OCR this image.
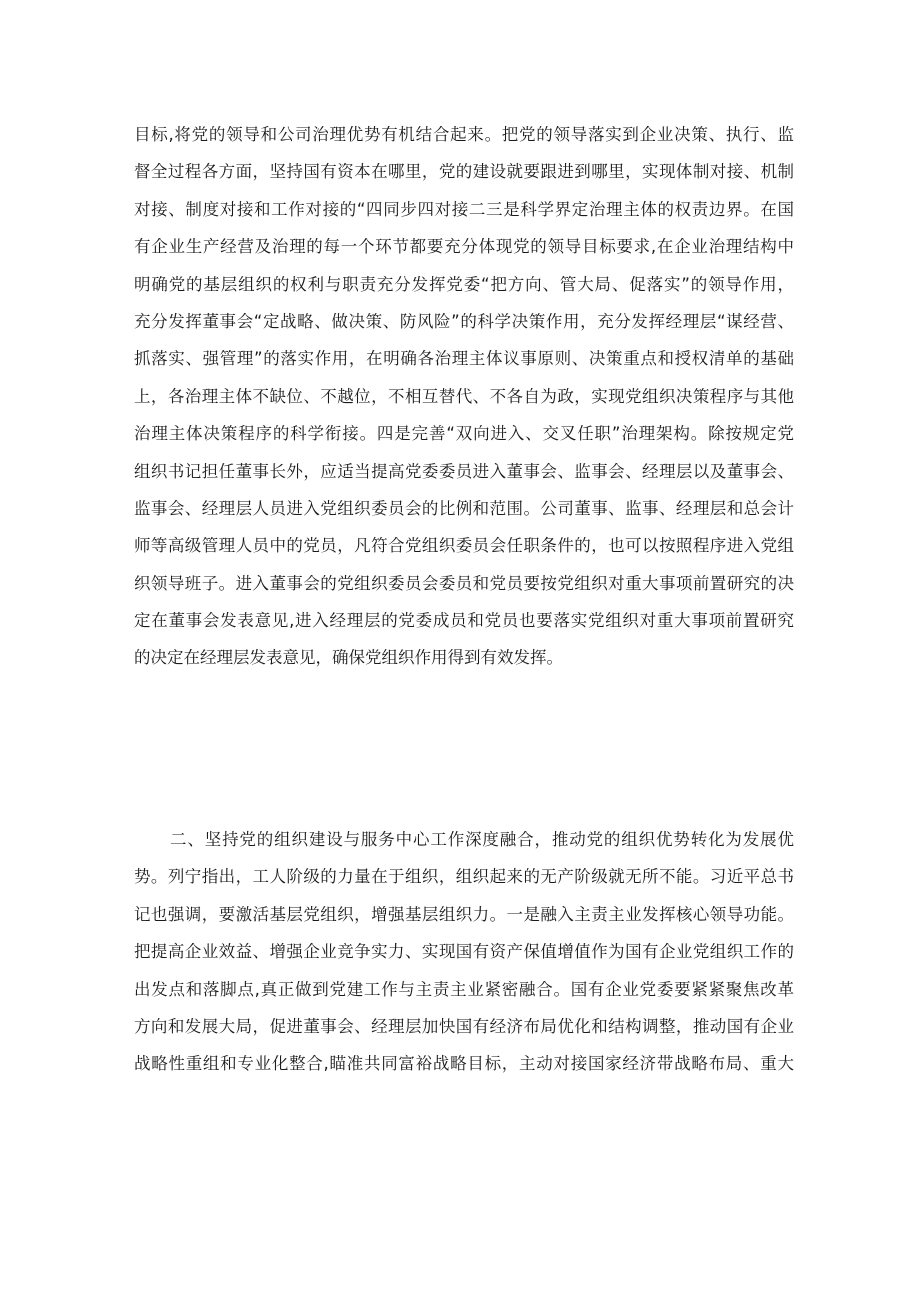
目标,将党的领导和公司治理优势有机结合起来。把党的领导落实到企业决策、执行、监
督全过程各方面，坚持国有资本在哪里，党的建设就要跟进到哪里，实现体制对接、机制
对接、制度对接和工作对接的“四同步四对接二三是科学界定治理主体的权责边界。在国
有企业生产经营及治理的每一个环节都要充分体现党的领导目标要求,在企业治理结构中
明确党的基层组织的权利与职责充分发挥党委“把方向、管大局、促落实”的领导作用，
充分发挥董事会“定战略、做决策、防风险”的科学决策作用，充分发挥经理层“谋经营、
抓落实、强管理”的落实作用，在明确各治理主体议事原则、决策重点和授权清单的基础
上，各治理主体不缺位、不越位，不相互替代、不各自为政，实现党组织决策程序与其他
治理主体决策程序的科学衔接。四是完善“双向进入、交叉任职”治理架构。除按规定党
组织书记担任董事长外，应适当提高党委委员进入董事会、监事会、经理层以及董事会、
监事会、经理层人员进入党组织委员会的比例和范围。公司董事、监事、经理层和总会计
师等高级管理人员中的党员，凡符合党组织委员会任职条件的，也可以按照程序进入党组
织领导班子。进入董事会的党组织委员会委员和党员要按党组织对重大事项前置研究的决
定在董事会发表意见,进入经理层的党委成员和党员也要落实党组织对重大事项前置研究
的决定在经理层发表意见，确保党组织作用得到有效发挥。
二、坚持党的组织建设与服务中心工作深度融合，推动党的组织优势转化为发展优
势。列宁指出，工人阶级的力量在于组织，组织起来的无产阶级就无所不能。习近平总书
记也强调，要激活基层党组织，增强基层组织力。一是融入主责主业发挥核心领导功能。
把提高企业效益、增强企业竞争实力、实现国有资产保值增值作为国有企业党组织工作的
出发点和落脚点,真正做到党建工作与主责主业紧密融合。国有企业党委要紧紧聚焦改革
方向和发展大局，促进董事会、经理层加快国有经济布局优化和结构调整，推动国有企业
战略性重组和专业化整合,瞄准共同富裕战略目标，主动对接国家经济带战略布局、重大
